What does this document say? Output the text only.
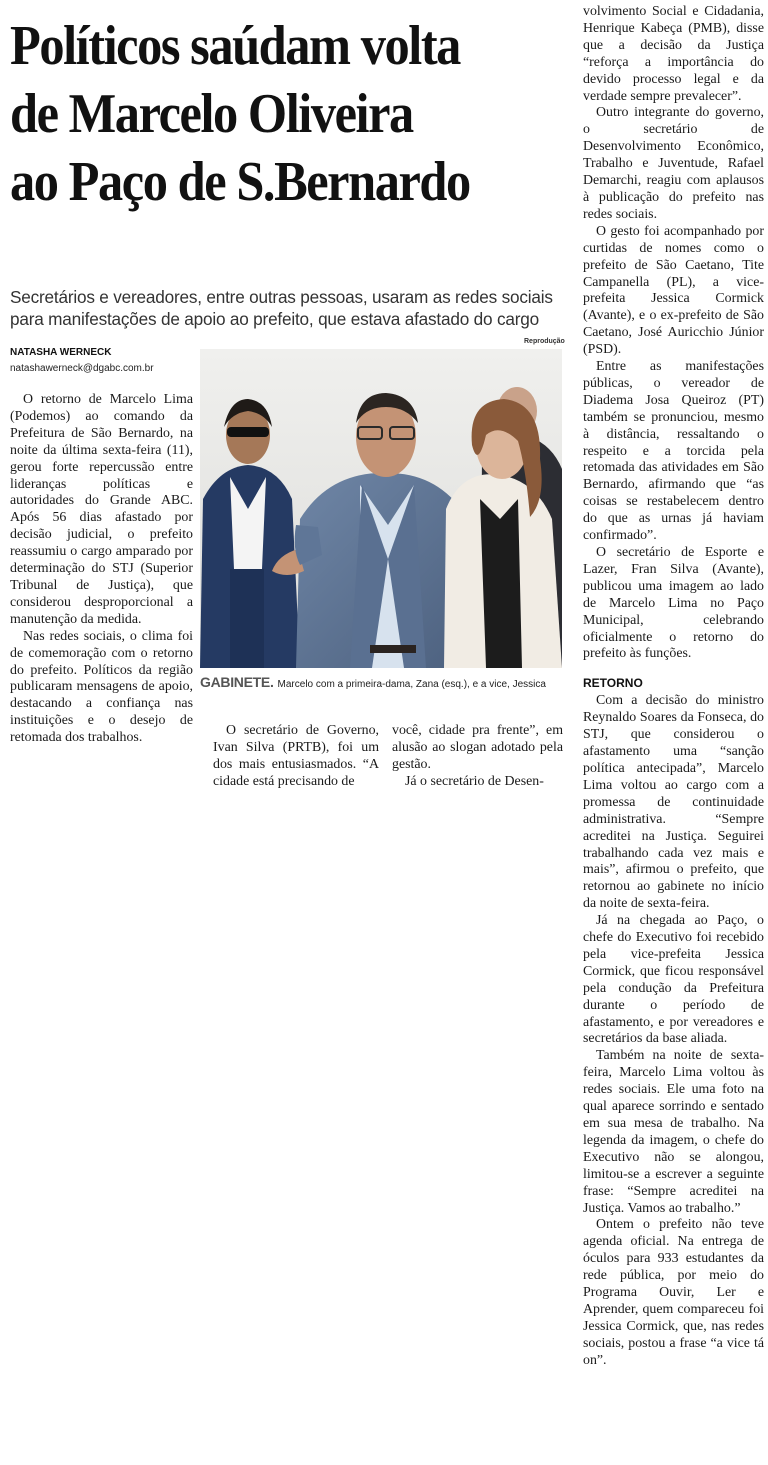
Políticos saúdam volta
de Marcelo Oliveira
ao Paço de S.Bernardo

Secretários e vereadores, entre outras pessoas, usaram as redes sociais para manifestações de apoio ao prefeito, que estava afastado do cargo

NATASHA WERNECK
natashawerneck@dgabc.com.br
Reprodução
GABINETE. Marcelo com a primeira-dama, Zana (esq.), e a vice, Jessica

O retorno de Marcelo Lima (Podemos) ao comando da Prefeitura de São Bernardo, na noite da última sexta-feira (11), gerou forte repercussão entre lideranças políticas e autoridades do Grande ABC. Após 56 dias afastado por decisão judicial, o prefeito reassumiu o cargo amparado por determinação do STJ (Superior Tribunal de Justiça), que considerou desproporcional a manutenção da medida.

Nas redes sociais, o clima foi de comemoração com o retorno do prefeito. Políticos da região publicaram mensagens de apoio, destacando a confiança nas instituições e o desejo de retomada dos trabalhos.	O secretário de Governo, Ivan Silva (PRTB), foi um dos mais entusiasmados. “A cidade está precisando de

você, cidade pra frente”, em alusão ao slogan adotado pela gestão.

Já o secretário de Desen-

volvimento Social e Cidadania, Henrique Kabeça (PMB), disse que a decisão da Justiça “reforça a importância do devido processo legal e da verdade sempre prevalecer”.

Outro integrante do governo, o secretário de Desenvolvimento Econômico, Trabalho e Juventude, Rafael Demarchi, reagiu com aplausos à publicação do prefeito nas redes sociais.

O gesto foi acompanhado por curtidas de nomes como o prefeito de São Caetano, Tite Campanella (PL), a vice-prefeita Jessica Cormick (Avante), e o ex-prefeito de São Caetano, José Auricchio Júnior (PSD).

Entre as manifestações públicas, o vereador de Diadema Josa Queiroz (PT) também se pronunciou, mesmo à distância, ressaltando o respeito e a torcida pela retomada das atividades em São Bernardo, afirmando que “as coisas se restabelecem dentro do que as urnas já haviam confirmado”.

O secretário de Esporte e Lazer, Fran Silva (Avante), publicou uma imagem ao lado de Marcelo Lima no Paço Municipal, celebrando oficialmente o retorno do prefeito às funções.

RETORNO

Com a decisão do ministro Reynaldo Soares da Fonseca, do STJ, que considerou o afastamento uma “sanção política antecipada”, Marcelo Lima voltou ao cargo com a promessa de continuidade administrativa. “Sempre acreditei na Justiça. Seguirei trabalhando cada vez mais e mais”, afirmou o prefeito, que retornou ao gabinete no início da noite de sexta-feira.

Já na chegada ao Paço, o chefe do Executivo foi recebido pela vice-prefeita Jessica Cormick, que ficou responsável pela condução da Prefeitura durante o período de afastamento, e por vereadores e secretários da base aliada.

Também na noite de sexta-feira, Marcelo Lima voltou às redes sociais. Ele uma foto na qual aparece sorrindo e sentado em sua mesa de trabalho. Na legenda da imagem, o chefe do Executivo não se alongou, limitou-se a escrever a seguinte frase: “Sempre acreditei na Justiça. Vamos ao trabalho.”

Ontem o prefeito não teve agenda oficial. Na entrega de óculos para 933 estudantes da rede pública, por meio do Programa Ouvir, Ler e Aprender, quem compareceu foi Jessica Cormick, que, nas redes sociais, postou a frase “a vice tá on”.
